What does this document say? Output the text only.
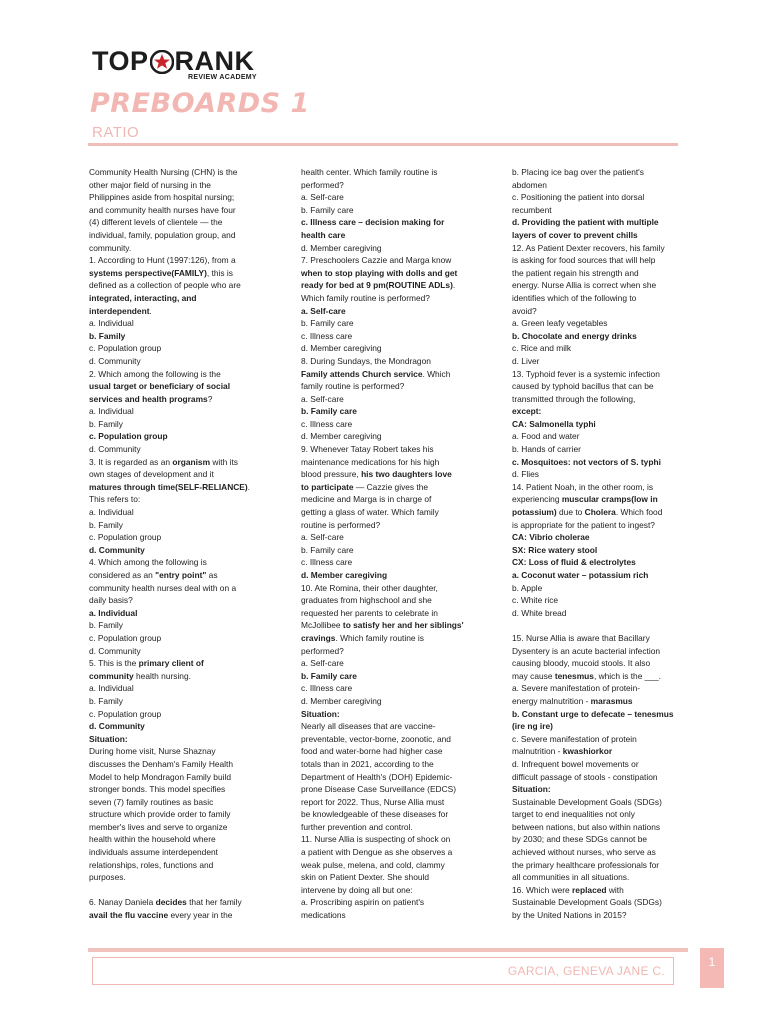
TOP RANK
REVIEW ACADEMY
PREBOARDS 1
RATIO

Community Health Nursing (CHN) is the

other major field of nursing in the

Philippines aside from hospital nursing;

and community health nurses have four

(4) different levels of clientele — the

individual, family, population group, and

community.

1. According to Hunt (1997:126), from a

systems perspective(FAMILY), this is

defined as a collection of people who are

integrated, interacting, and

interdependent.

a. Individual

b. Family

c. Population group

d. Community

2. Which among the following is the

usual target or beneficiary of social

services and health programs?

a. Individual

b. Family

c. Population group

d. Community

3. It is regarded as an organism with its

own stages of development and it

matures through time(SELF-RELIANCE).

This refers to:

a. Individual

b. Family

c. Population group

d. Community

4. Which among the following is

considered as an "entry point" as

community health nurses deal with on a

daily basis?

a. Individual

b. Family

c. Population group

d. Community

5. This is the primary client of

community health nursing.

a. Individual

b. Family

c. Population group

d. Community

Situation:

During home visit, Nurse Shaznay

discusses the Denham's Family Health

Model to help Mondragon Family build

stronger bonds. This model specifies

seven (7) family routines as basic

structure which provide order to family

member's lives and serve to organize

health within the household where

individuals assume interdependent

relationships, roles, functions and

purposes.

6. Nanay Daniela decides that her family

avail the flu vaccine every year in the

health center. Which family routine is

performed?

a. Self-care

b. Family care

c. Illness care – decision making for

health care

d. Member caregiving

7. Preschoolers Cazzie and Marga know

when to stop playing with dolls and get

ready for bed at 9 pm(ROUTINE ADLs).

Which family routine is performed?

a. Self-care

b. Family care

c. Illness care

d. Member caregiving

8. During Sundays, the Mondragon

Family attends Church service. Which

family routine is performed?

a. Self-care

b. Family care

c. Illness care

d. Member caregiving

9. Whenever Tatay Robert takes his

maintenance medications for his high

blood pressure, his two daughters love

to participate — Cazzie gives the

medicine and Marga is in charge of

getting a glass of water. Which family

routine is performed?

a. Self-care

b. Family care

c. Illness care

d. Member caregiving

10. Ate Romina, their other daughter,

graduates from highschool and she

requested her parents to celebrate in

McJollibee to satisfy her and her siblings'

cravings. Which family routine is

performed?

a. Self-care

b. Family care

c. Illness care

d. Member caregiving

Situation:

Nearly all diseases that are vaccine-

preventable, vector-borne, zoonotic, and

food and water-borne had higher case

totals than in 2021, according to the

Department of Health's (DOH) Epidemic-

prone Disease Case Surveillance (EDCS)

report for 2022. Thus, Nurse Allia must

be knowledgeable of these diseases for

further prevention and control.

11. Nurse Allia is suspecting of shock on

a patient with Dengue as she observes a

weak pulse, melena, and cold, clammy

skin on Patient Dexter. She should

intervene by doing all but one:

a. Proscribing aspirin on patient's

medications

b. Placing ice bag over the patient's

abdomen

c. Positioning the patient into dorsal

recumbent

d. Providing the patient with multiple

layers of cover to prevent chills

12. As Patient Dexter recovers, his family

is asking for food sources that will help

the patient regain his strength and

energy. Nurse Allia is correct when she

identifies which of the following to

avoid?

a. Green leafy vegetables

b. Chocolate and energy drinks

c. Rice and milk

d. Liver

13. Typhoid fever is a systemic infection

caused by typhoid bacillus that can be

transmitted through the following,

except:

CA: Salmonella typhi

a. Food and water

b. Hands of carrier

c. Mosquitoes: not vectors of S. typhi

d. Flies

14. Patient Noah, in the other room, is

experiencing muscular cramps(low in

potassium) due to Cholera. Which food

is appropriate for the patient to ingest?

CA: Vibrio cholerae

SX: Rice watery stool

CX: Loss of fluid & electrolytes

a. Coconut water – potassium rich

b. Apple

c. White rice

d. White bread

15. Nurse Allia is aware that Bacillary

Dysentery is an acute bacterial infection

causing bloody, mucoid stools. It also

may cause tenesmus, which is the ___.

a. Severe manifestation of protein-

energy malnutrition - marasmus

b. Constant urge to defecate – tenesmus

(ire ng ire)

c. Severe manifestation of protein

malnutrition - kwashiorkor

d. Infrequent bowel movements or

difficult passage of stools - constipation

Situation:

Sustainable Development Goals (SDGs)

target to end inequalities not only

between nations, but also within nations

by 2030; and these SDGs cannot be

achieved without nurses, who serve as

the primary healthcare professionals for

all communities in all situations.

16. Which were replaced with

Sustainable Development Goals (SDGs)

by the United Nations in 2015?

GARCIA, GENEVA JANE C.
1
